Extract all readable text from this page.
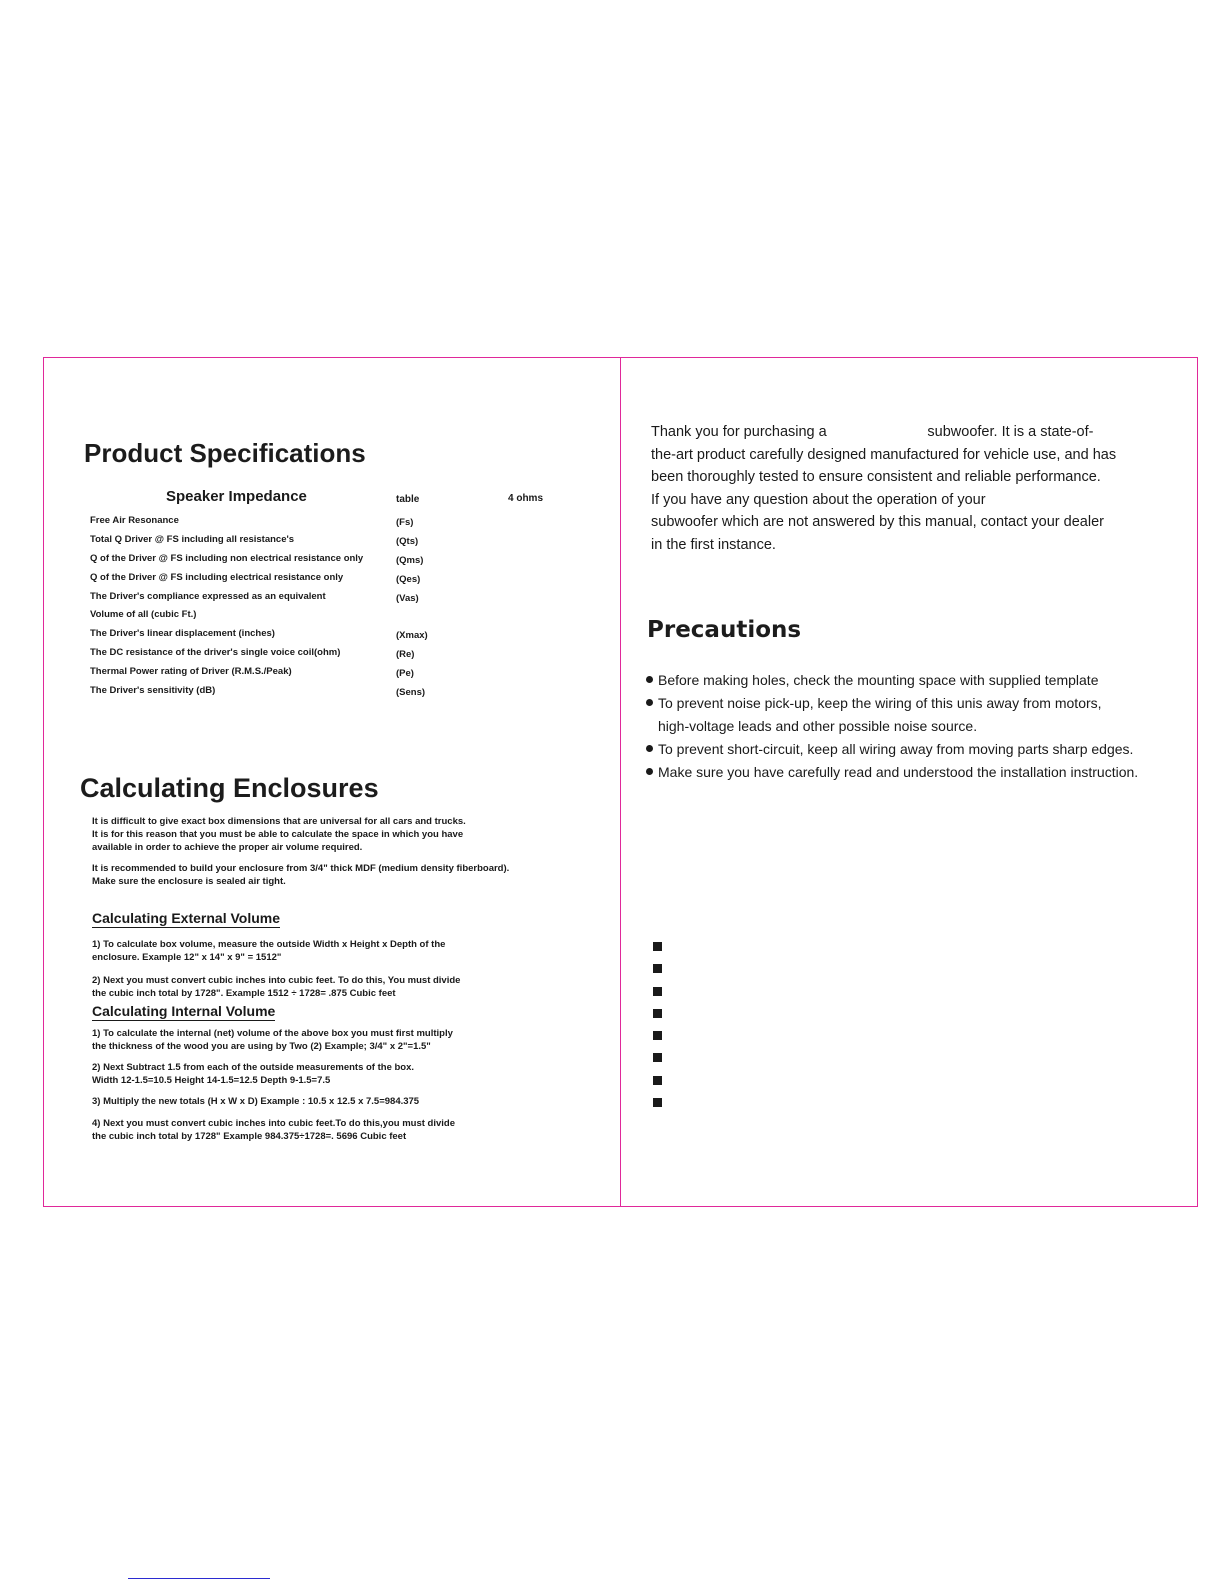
Product Specifications
Speaker Impedance	table	4 ohms
Free Air Resonance	(Fs)
Total Q Driver @ FS including all resistance's	(Qts)
Q of the Driver @ FS including non electrical resistance only	(Qms)
Q of the Driver @ FS including electrical resistance only	(Qes)
The Driver's compliance expressed as an equivalent	(Vas)
Volume of all (cubic Ft.)
The Driver's linear displacement (inches)	(Xmax)
The DC resistance of the driver's single voice coil(ohm)	(Re)
Thermal Power rating of Driver (R.M.S./Peak)	(Pe)
The Driver's sensitivity (dB)	(Sens)
Calculating Enclosures
It is difficult to give exact box dimensions that are universal for all cars and trucks.
It is for this reason that you must be able to calculate the space in which you have
available in order to achieve the proper air volume required.
It is recommended to build your enclosure from 3/4" thick MDF (medium density fiberboard).
Make sure the enclosure is sealed air tight.
Calculating External Volume
1) To calculate box volume, measure the outside Width x Height x Depth of the
enclosure. Example 12" x 14" x 9" = 1512"
2) Next you must convert cubic inches into cubic feet. To do this, You must divide
the cubic inch total by 1728". Example 1512 ÷ 1728= .875 Cubic feet
Calculating Internal Volume
1) To calculate the internal (net) volume of the above box you must first multiply
the thickness of the wood you are using by Two (2) Example; 3/4" x 2"=1.5"
2) Next Subtract 1.5 from each of the outside measurements of the box.
Width 12-1.5=10.5 Height 14-1.5=12.5 Depth 9-1.5=7.5
3) Multiply the new totals (H x W x D) Example : 10.5 x 12.5 x 7.5=984.375
4) Next you must convert cubic inches into cubic feet.To do this,you must divide
the cubic inch total by 1728" Example 984.375÷1728=. 5696 Cubic feet
Thank you for purchasing a                         subwoofer. It is a state-of-
the-art product carefully designed manufactured for vehicle use, and has
been thoroughly tested to ensure consistent and reliable performance.
If you have any question about the operation of your
subwoofer which are not answered by this manual, contact your dealer
in the first instance.
Precautions
Before making holes, check the mounting space with supplied template
To prevent noise pick-up, keep the wiring of this unis away from motors,
high-voltage leads and other possible noise source.
To prevent short-circuit, keep all wiring away from moving parts sharp edges.
Make sure you have carefully read and understood the installation instruction.
